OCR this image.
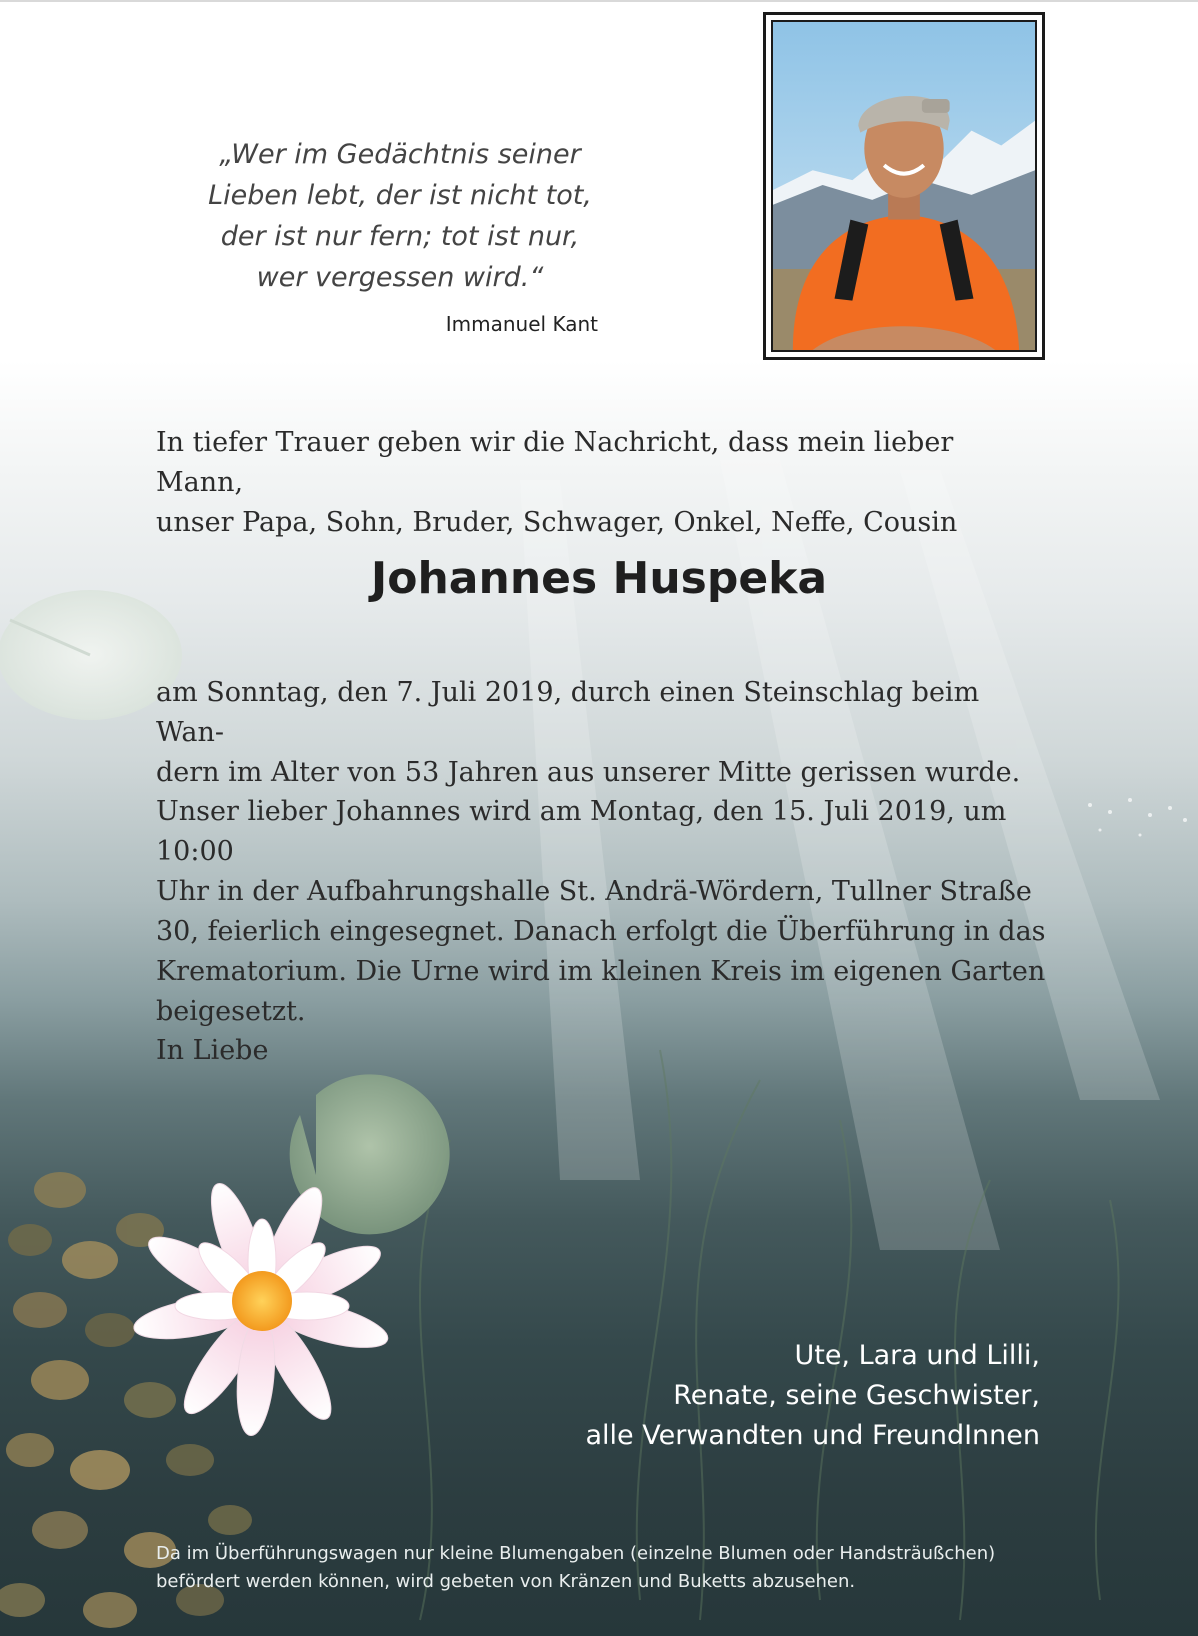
„Wer im Gedächtnis seiner
Lieben lebt, der ist nicht tot,
der ist nur fern; tot ist nur,
wer vergessen wird.“

Immanuel Kant

In tiefer Trauer geben wir die Nachricht, dass mein lieber Mann,
unser Papa, Sohn, Bruder, Schwager, Onkel, Neffe, Cousin

Johannes Huspeka

am Sonntag, den 7. Juli 2019, durch einen Steinschlag beim Wan-
dern im Alter von 53 Jahren aus unserer Mitte gerissen wurde.

Unser lieber Johannes wird am Montag, den 15. Juli 2019, um 10:00
Uhr in der Aufbahrungshalle St. Andrä-Wördern, Tullner Straße
30, feierlich eingesegnet. Danach erfolgt die Überführung in das
Krematorium. Die Urne wird im kleinen Kreis im eigenen Garten
beigesetzt.

In Liebe
Ute, Lara und Lilli,
Renate, seine Geschwister,
alle Verwandten und FreundInnen
Da im Überführungswagen nur kleine Blumengaben (einzelne Blumen oder Handsträußchen)
befördert werden können, wird gebeten von Kränzen und Buketts abzusehen.
